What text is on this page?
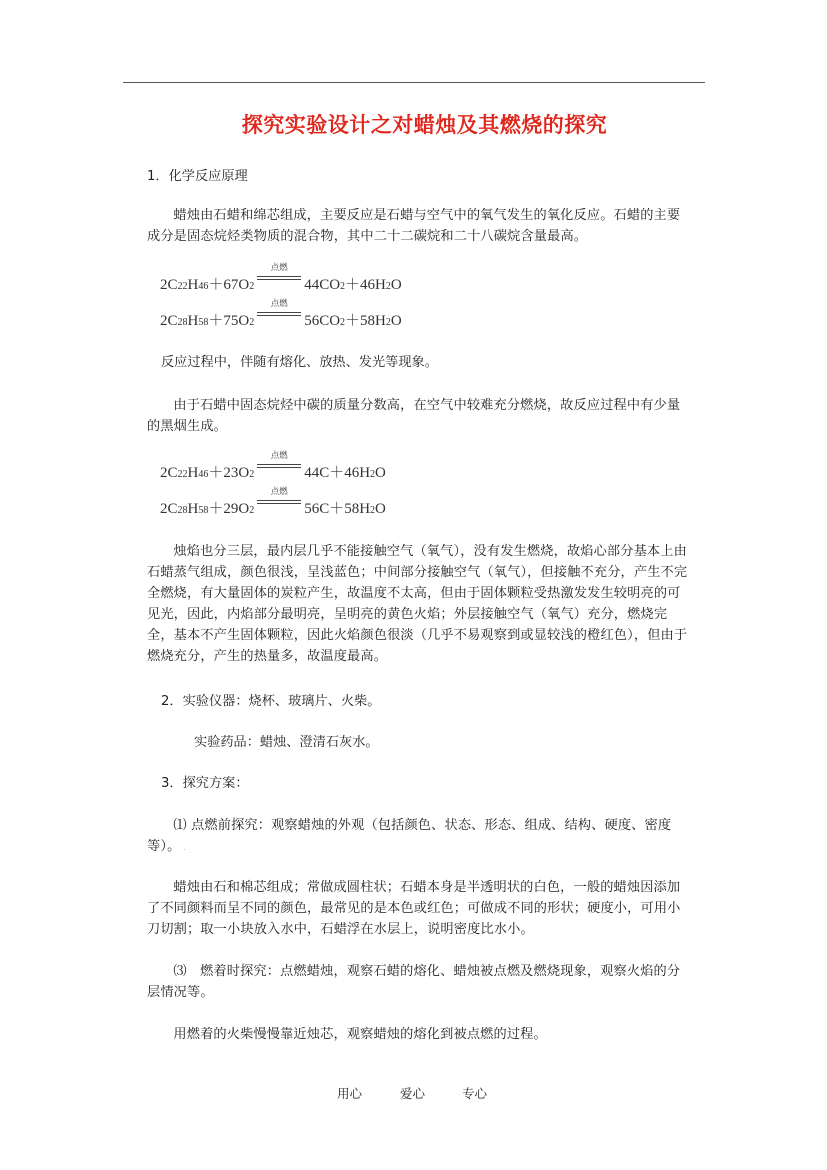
探究实验设计之对蜡烛及其燃烧的探究

1．化学反应原理

蜡烛由石蜡和绵芯组成，主要反应是石蜡与空气中的氧气发生的氧化反应。石蜡的主要成分是固态烷烃类物质的混合物，其中二十二碳烷和二十八碳烷含量最高。

2C 22 H $46 +67O_2$
点燃
44CO $2 +46H_2$ O
2C 28 H $58 +75O_2$
点燃
56CO $2 +58H_2$ O

反应过程中，伴随有熔化、放热、发光等现象。

由于石蜡中固态烷烃中碳的质量分数高，在空气中较难充分燃烧，故反应过程中有少量的黑烟生成。

2C 22 H $46 +23O_2$
点燃
$44C+46H_2$ O
2C 28 H $58 +29O_2$
点燃
$56C+58H_2$ O

烛焰也分三层，最内层几乎不能接触空气（氧气），没有发生燃烧，故焰心部分基本上由石蜡蒸气组成，颜色很浅，呈浅蓝色；中间部分接触空气（氧气），但接触不充分，产生不完全燃烧，有大量固体的炭粒产生，故温度不太高，但由于固体颗粒受热激发发生较明亮的可见光，因此，内焰部分最明亮，呈明亮的黄色火焰；外层接触空气（氧气）充分，燃烧完全，基本不产生固体颗粒，因此火焰颜色很淡（几乎不易观察到或显较浅的橙红色），但由于燃烧充分，产生的热量多，故温度最高。

2．实验仪器：烧杯、玻璃片、火柴。

实验药品：蜡烛、澄清石灰水。

3．探究方案：

⑴ 点燃前探究：观察蜡烛的外观（包括颜色、状态、形态、组成、结构、硬度、密度等）。 .

蜡烛由石和棉芯组成；常做成圆柱状；石蜡本身是半透明状的白色，一般的蜡烛因添加了不同颜料而呈不同的颜色，最常见的是本色或红色；可做成不同的形状；硬度小，可用小刀切割；取一小块放入水中，石蜡浮在水层上，说明密度比水小。

⑶　燃着时探究：点燃蜡烛，观察石蜡的熔化、蜡烛被点燃及燃烧现象，观察火焰的分层情况等。

用燃着的火柴慢慢靠近烛芯，观察蜡烛的熔化到被点燃的过程。

用心	爱心	专心
